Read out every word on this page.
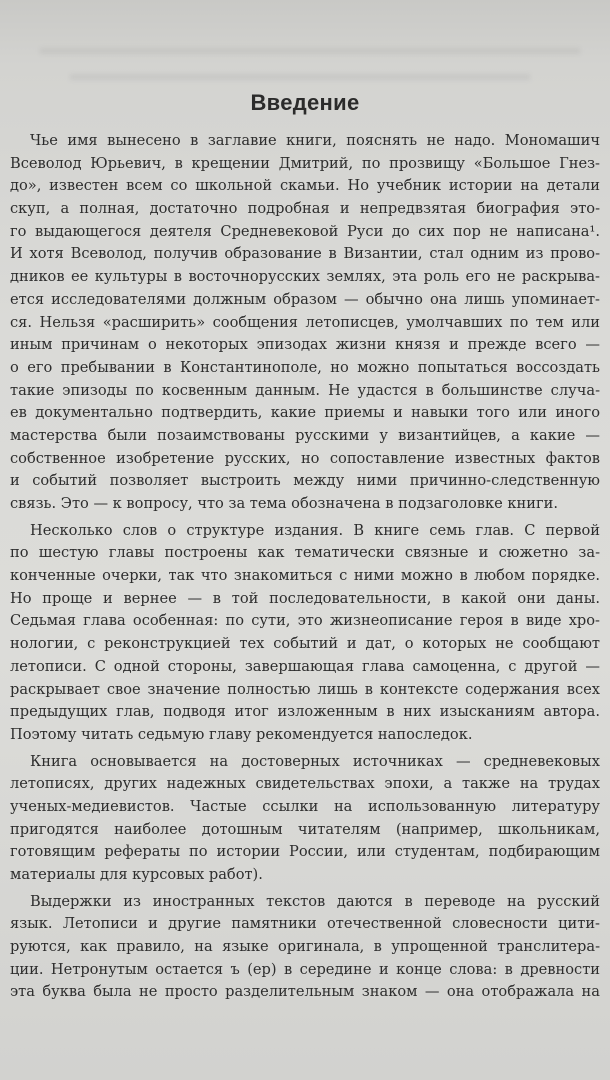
Введение
Чье имя вынесено в заглавие книги, пояснять не надо. Мономашич
Всеволод Юрьевич, в крещении Дмитрий, по прозвищу «Большое Гнез-
до», известен всем со школьной скамьи. Но учебник истории на детали
скуп, а полная, достаточно подробная и непредвзятая биография это-
го выдающегося деятеля Средневековой Руси до сих пор не написана¹.
И хотя Всеволод, получив образование в Византии, стал одним из прово-
дников ее культуры в восточнорусских землях, эта роль его не раскрыва-
ется исследователями должным образом — обычно она лишь упоминает-
ся. Нельзя «расширить» сообщения летописцев, умолчавших по тем или
иным причинам о некоторых эпизодах жизни князя и прежде всего —
о его пребывании в Константинополе, но можно попытаться воссоздать
такие эпизоды по косвенным данным. Не удастся в большинстве случа-
ев документально подтвердить, какие приемы и навыки того или иного
мастерства были позаимствованы русскими у византийцев, а какие —
собственное изобретение русских, но сопоставление известных фактов
и событий позволяет выстроить между ними причинно-следственную
связь. Это — к вопросу, что за тема обозначена в подзаголовке книги.
Несколько слов о структуре издания. В книге семь глав. С первой
по шестую главы построены как тематически связные и сюжетно за-
конченные очерки, так что знакомиться с ними можно в любом порядке.
Но проще и вернее — в той последовательности, в какой они даны.
Седьмая глава особенная: по сути, это жизнеописание героя в виде хро-
нологии, с реконструкцией тех событий и дат, о которых не сообщают
летописи. С одной стороны, завершающая глава самоценна, с другой —
раскрывает свое значение полностью лишь в контексте содержания всех
предыдущих глав, подводя итог изложенным в них изысканиям автора.
Поэтому читать седьмую главу рекомендуется напоследок.
Книга основывается на достоверных источниках — средневековых
летописях, других надежных свидетельствах эпохи, а также на трудах
ученых-медиевистов. Частые ссылки на использованную литературу
пригодятся наиболее дотошным читателям (например, школьникам,
готовящим рефераты по истории России, или студентам, подбирающим
материалы для курсовых работ).
Выдержки из иностранных текстов даются в переводе на русский
язык. Летописи и другие памятники отечественной словесности цити-
руются, как правило, на языке оригинала, в упрощенной транслитера-
ции. Нетронутым остается ъ (ер) в середине и конце слова: в древности
эта буква была не просто разделительным знаком — она отображала на
